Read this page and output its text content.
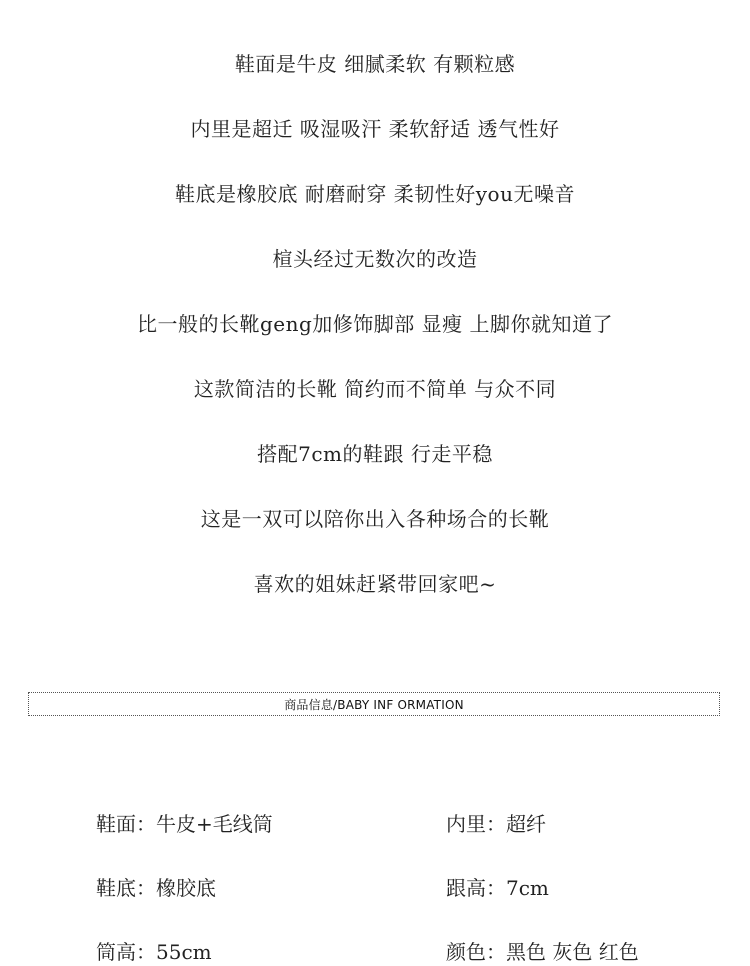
鞋面是牛皮 细腻柔软 有颗粒感
内里是超迁 吸湿吸汗 柔软舒适 透气性好
鞋底是橡胶底 耐磨耐穿 柔韧性好you无噪音
楦头经过无数次的改造
比一般的长靴geng加修饰脚部 显瘦 上脚你就知道了
这款简洁的长靴 简约而不简单 与众不同
搭配7cm的鞋跟 行走平稳
这是一双可以陪你出入各种场合的长靴
喜欢的姐妹赶紧带回家吧~
商品信息/BABY INF ORMATION
鞋面：牛皮+毛线筒	内里：超纤
鞋底：橡胶底	跟高：7cm
筒高：55cm	颜色：黑色 灰色 红色
